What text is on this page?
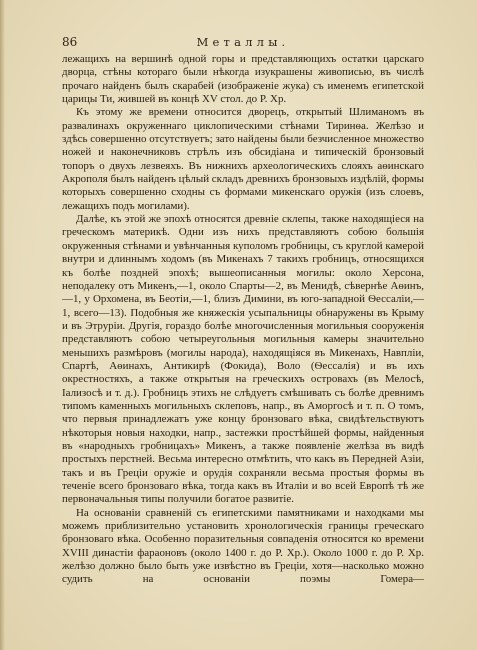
86	Металлы.

лежащихъ на вершинѣ одной горы и представляющихъ остатки царскаго дворца, стѣны котораго были нѣкогда изукрашены живописью, въ числѣ прочаго найденъ былъ скарабей (изображеніе жука) съ именемъ египетской царицы Ти, жившей въ концѣ XV стол. до Р. Хр.

Къ этому же времени относится дворецъ, открытый Шлиманомъ въ развалинахъ окруженнаго циклопическими стѣнами Тиринѳа. Желѣзо и здѣсь совершенно отсутствуетъ; зато найдены были безчисленное множество ножей и наконечниковъ стрѣлъ изъ обсидіана и типическій бронзовый топоръ о двухъ лезвеяхъ. Въ нижнихъ археологическихъ слояхъ аѳинскаго Акрополя былъ найденъ цѣлый складъ древнихъ бронзовыхъ издѣлій, формы которыхъ совершенно сходны съ формами микенскаго оружія (изъ слоевъ, лежащихъ подъ могилами).

Далѣе, къ этой же эпохѣ относятся древніе склепы, также находящіеся на греческомъ материкѣ. Одни изъ нихъ представляютъ собою большія окруженныя стѣнами и увѣнчанныя куполомъ гробницы, съ круглой камерой внутри и длиннымъ ходомъ (въ Микенахъ 7 такихъ гробницъ, относящихся къ болѣе поздней эпохѣ; вышеописанныя могилы: около Херсона, неподалеку отъ Микенъ,—1, около Спарты—2, въ Менидѣ, сѣвернѣе Аѳинъ,—1, у Орхомена, въ Беотіи,—1, близъ Димини, въ юго-западной Ѳессаліи,—1, всего—13). Подобныя же княжескія усыпальницы обнаружены въ Крыму и въ Этруріи. Другія, гораздо болѣе многочисленныя могильныя сооруженія представляютъ собою четыреугольныя могильныя камеры значительно меньшихъ размѣровъ (могилы народа), находящіяся въ Микенахъ, Навпліи, Спартѣ, Аѳинахъ, Антикирѣ (Фокида), Воло (Ѳессалія) и въ ихъ окрестностяхъ, а также открытыя на греческихъ островахъ (въ Мелосѣ, Іализосѣ и т. д.). Гробницъ этихъ не слѣдуетъ смѣшивать съ болѣе древнимъ типомъ каменныхъ могильныхъ склеповъ, напр., въ Аморгосѣ и т. п. О томъ, что первыя принадлежатъ уже концу бронзоваго вѣка, свидѣтельствуютъ нѣкоторыя новыя находки, напр., застежки простѣйшей формы, найденныя въ «народныхъ гробницахъ» Микенъ, а также появленіе желѣза въ видѣ простыхъ перстней. Весьма интересно отмѣтить, что какъ въ Передней Азіи, такъ и въ Греціи оружіе и орудія сохраняли весьма простыя формы въ теченіе всего бронзоваго вѣка, тогда какъ въ Италіи и во всей Европѣ тѣ же первоначальныя типы получили богатое развитіе.

На основаніи сравненій съ египетскими памятниками и находками мы можемъ приблизительно установить хронологическія границы греческаго бронзоваго вѣка. Особенно поразительныя совпаденія относятся ко времени XVIII династіи фараоновъ (около 1400 г. до Р. Хр.). Около 1000 г. до Р. Хр. желѣзо должно было быть уже извѣстно въ Греціи, хотя—насколько можно судить на основаніи поэмы Гомера—
